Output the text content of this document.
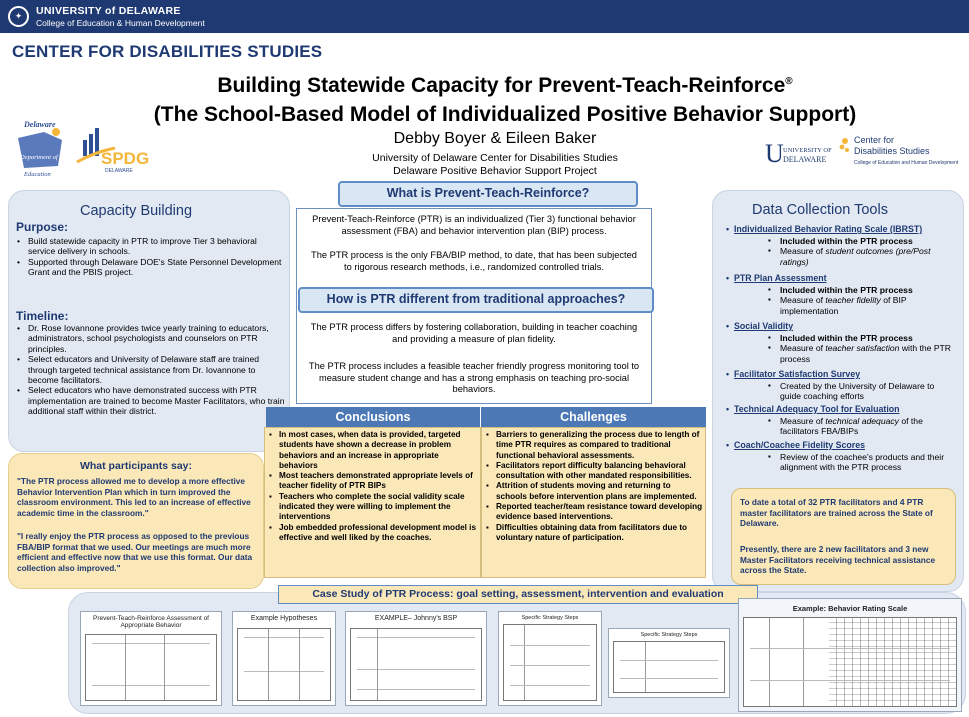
✦	UNIVERSITY of DELAWARE
College of Education & Human Development
CENTER FOR DISABILITIES STUDIES
Building Statewide Capacity for Prevent-Teach-Reinforce®
(The School-Based Model of Individualized Positive Behavior Support)
Debby Boyer & Eileen Baker
University of Delaware Center for Disabilities Studies
Delaware Positive Behavior Support Project
Delaware
Department of
Education
SPDG
DELAWARE
U UNIVERSITY OF
DELAWARE
Center for
Disabilities Studies
College of Education and Human Development
Capacity Building
Purpose:
• Build statewide capacity in PTR to improve Tier 3 behavioral service delivery in schools.
• Supported through Delaware DOE's State Personnel Development Grant and the PBIS project.
Timeline:
• Dr. Rose Iovannone provides twice yearly training to educators, administrators, school psychologists and counselors on PTR principles.
• Select educators and University of Delaware staff are trained through targeted technical assistance from Dr. Iovannone to become facilitators.
• Select educators who have demonstrated success with PTR implementation are trained to become Master Facilitators, who train additional staff within their district.
What participants say:
"The PTR process allowed me to develop a more effective Behavior Intervention Plan which in turn improved the classroom environment. This led to an increase of effective academic time in the classroom."
"I really enjoy the PTR process as opposed to the previous FBA/BIP format that we used. Our meetings are much more efficient and effective now that we use this format. Our data collection also improved."
What is Prevent-Teach-Reinforce?
Prevent-Teach-Reinforce (PTR) is an individualized (Tier 3) functional behavior assessment (FBA) and behavior intervention plan (BIP) process.
The PTR process is the only FBA/BIP method, to date, that has been subjected to rigorous research methods, i.e., randomized controlled trials.
How is PTR different from traditional approaches?
The PTR process differs by fostering collaboration, building in teacher coaching and providing a measure of plan fidelity.
The PTR process includes a feasible teacher friendly progress monitoring tool to measure student change and has a strong emphasis on teaching pro-social behaviors.
Conclusions	Challenges
▪ In most cases, when data is provided, targeted students have shown a decrease in problem behaviors and an increase in appropriate behaviors
▪ Most teachers demonstrated appropriate levels of teacher fidelity of PTR BIPs
▪ Teachers who complete the social validity scale indicated they were willing to implement the interventions
▪ Job embedded professional development model is effective and well liked by the coaches.
▪ Barriers to generalizing the process due to length of time PTR requires as compared to traditional functional behavioral assessments.
▪ Facilitators report difficulty balancing behavioral consultation with other mandated responsibilities.
▪ Attrition of students moving and returning to schools before intervention plans are implemented.
▪ Reported teacher/team resistance toward developing evidence based interventions.
▪ Difficulties obtaining data from facilitators due to voluntary nature of participation.
Data Collection Tools
• Individualized Behavior Rating Scale (IBRST)
▪ Included within the PTR process
▪ Measure of student outcomes (pre/Post ratings)
• PTR Plan Assessment
▪ Included within the PTR process
▪ Measure of teacher fidelity of BIP implementation
• Social Validity
▪ Included within the PTR process
▪ Measure of teacher satisfaction with the PTR process
• Facilitator Satisfaction Survey
▪ Created by the University of Delaware to guide coaching efforts
• Technical Adequacy Tool for Evaluation
▪ Measure of technical adequacy of the facilitators FBA/BIPs
• Coach/Coachee Fidelity Scores
▪ Review of the coachee's products and their alignment with the PTR process

To date a total of 32 PTR facilitators and 4 PTR master facilitators are trained across the State of Delaware.

Presently, there are 2 new facilitators and 3 new Master Facilitators receiving technical assistance across the State.

Case Study of PTR Process: goal setting, assessment, intervention and evaluation
Prevent-Teach-Reinforce Assessment of Appropriate Behavior
Example Hypotheses	EXAMPLE– Johnny's BSP	Specific Strategy Steps
Specific Strategy Steps
Example: Behavior Rating Scale
